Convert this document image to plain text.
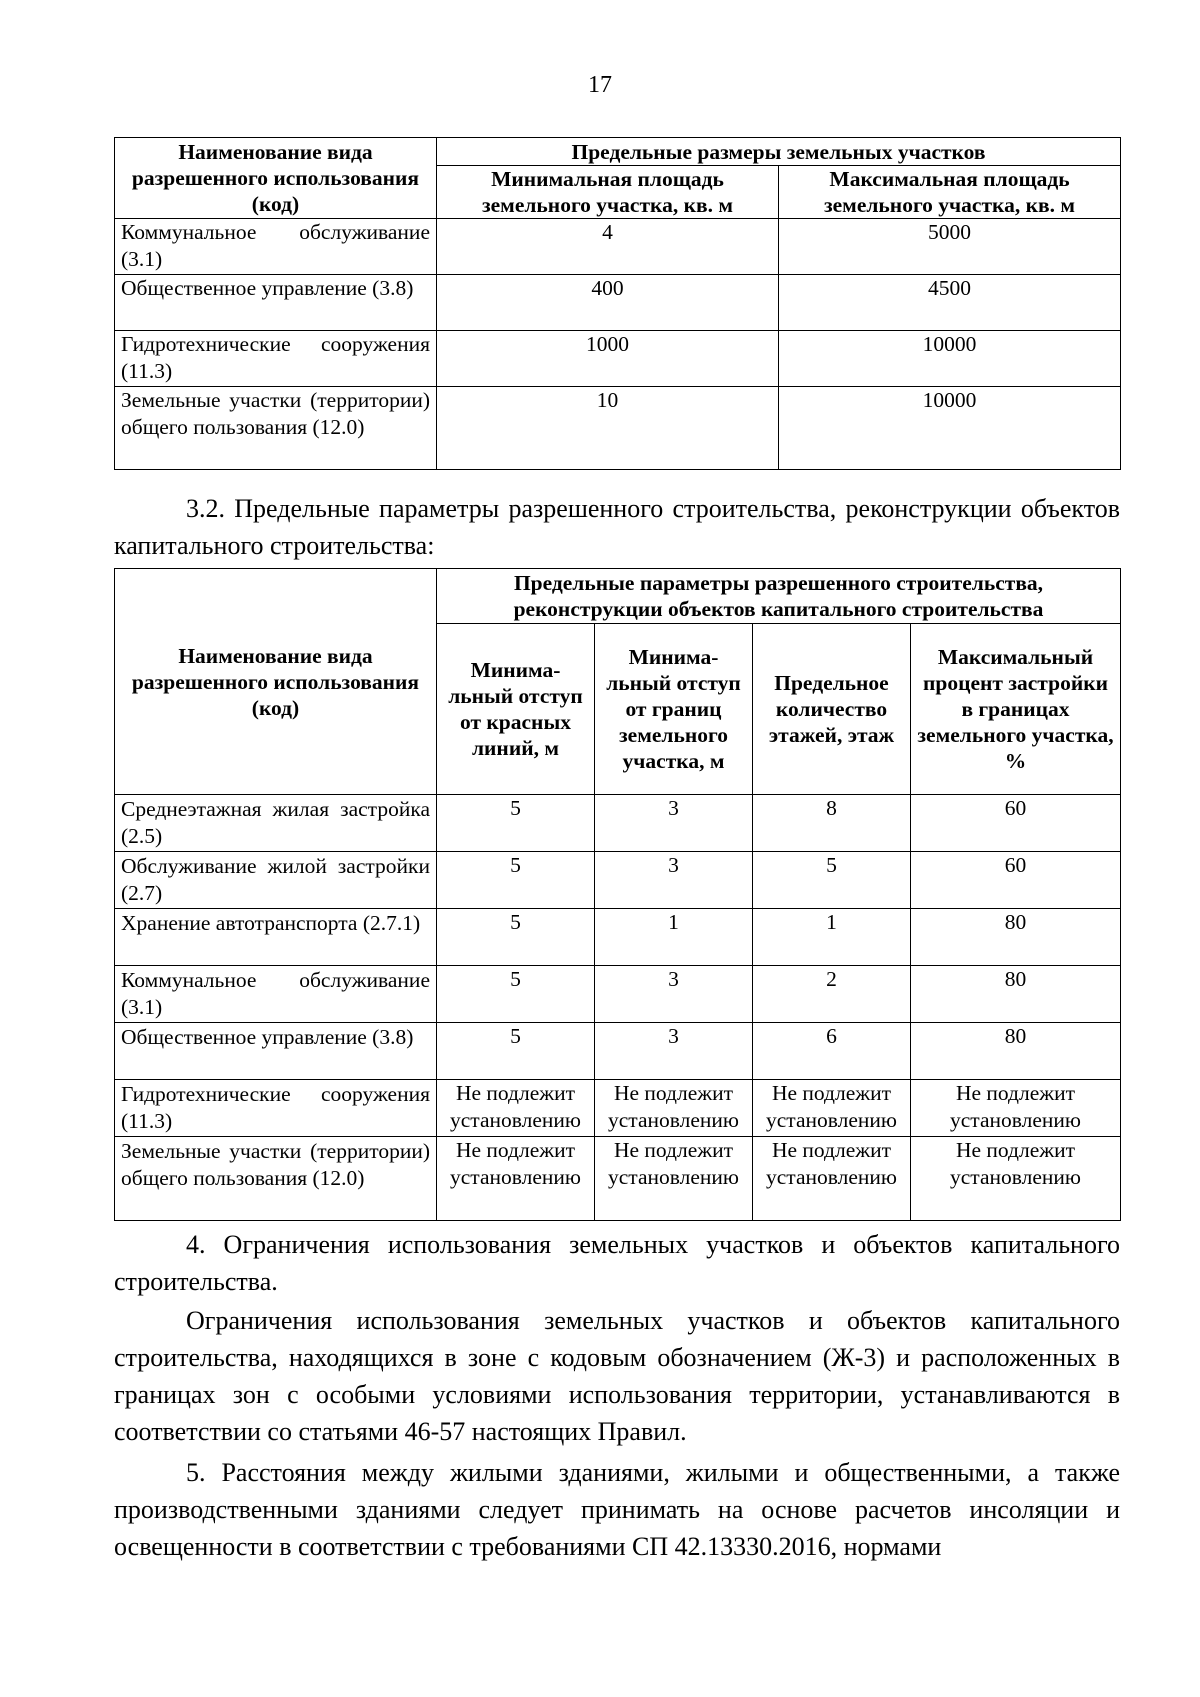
17
Наименование вида разрешенного использования (код)	Предельные размеры земельных участков	
	Минимальная площадь земельного участка, кв. м	Максимальная площадь земельного участка, кв. м
Коммунальное обслуживание (3.1)	4	5000
Общественное управление (3.8)	400	4500
Гидротехнические сооружения (11.3)	1000	10000
Земельные участки (территории) общего пользования (12.0)	10	10000

3.2. Предельные параметры разрешенного строительства, реконструкции объектов капитального строительства:

Наименование вида разрешенного использования (код)	Предельные параметры разрешенного строительства, реконструкции объектов капитального строительства			
	Минима-льный отступ от красных линий, м	Минима-льный отступ от границ земельного участка, м	Предельное количество этажей, этаж	Максимальный процент застройки в границах земельного участка, %
Среднеэтажная жилая застройка (2.5)	5	3	8	60
Обслуживание жилой застройки (2.7)	5	3	5	60
Хранение автотранспорта (2.7.1)	5	1	1	80
Коммунальное обслуживание (3.1)	5	3	2	80
Общественное управление (3.8)	5	3	6	80
Гидротехнические сооружения (11.3)	Не подлежит установлению	Не подлежит установлению	Не подлежит установлению	Не подлежит установлению
Земельные участки (территории) общего пользования (12.0)	Не подлежит установлению	Не подлежит установлению	Не подлежит установлению	Не подлежит установлению

4. Ограничения использования земельных участков и объектов капитального строительства.

Ограничения использования земельных участков и объектов капитального строительства, находящихся в зоне с кодовым обозначением (Ж-3) и расположенных в границах зон с особыми условиями использования территории, устанавливаются в соответствии со статьями 46-57 настоящих Правил.

5. Расстояния между жилыми зданиями, жилыми и общественными, а также производственными зданиями следует принимать на основе расчетов инсоляции и освещенности в соответствии с требованиями СП 42.13330.2016, нормами
